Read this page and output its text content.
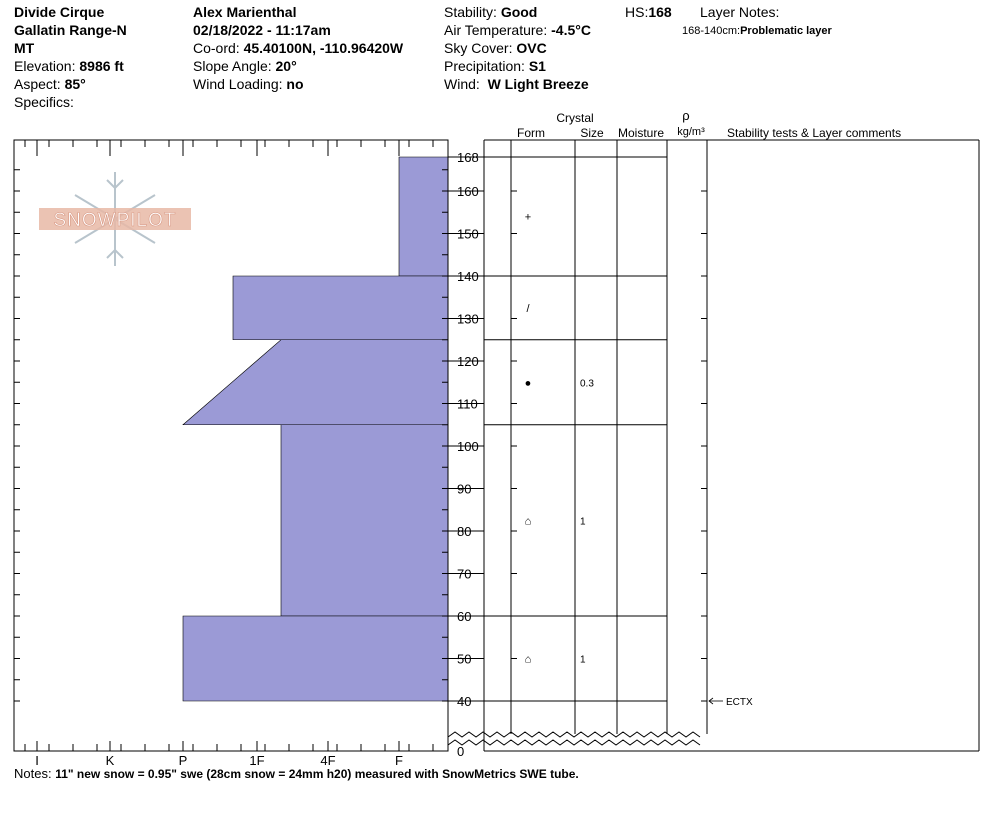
Divide Cirque
Gallatin Range-N
MT
Elevation: 8986 ft
Aspect: 85°
Specifics:
Alex Marienthal
02/18/2022 - 11:17am
Co-ord: 45.40100N, -110.96420W
Slope Angle: 20°
Wind Loading: no
Stability: Good
Air Temperature: -4.5°C
Sky Cover: OVC
Precipitation: S1
Wind: W Light Breeze
HS:168 Layer Notes:
168-140cm:Problematic layer
Crystal
Form	Size Moisture
ρ
kg/m³ Stability tests & Layer comments
SNOWPILOT
40
50
60
70
80
90
100
110
120
130
140
150
160
168
0
I	K	P	1F	4F	F
+
/
●	0.3
⌂	1
⌂	1
ECTX
Notes: 11" new snow = 0.95" swe (28cm snow = 24mm h20) measured with SnowMetrics SWE tube.
